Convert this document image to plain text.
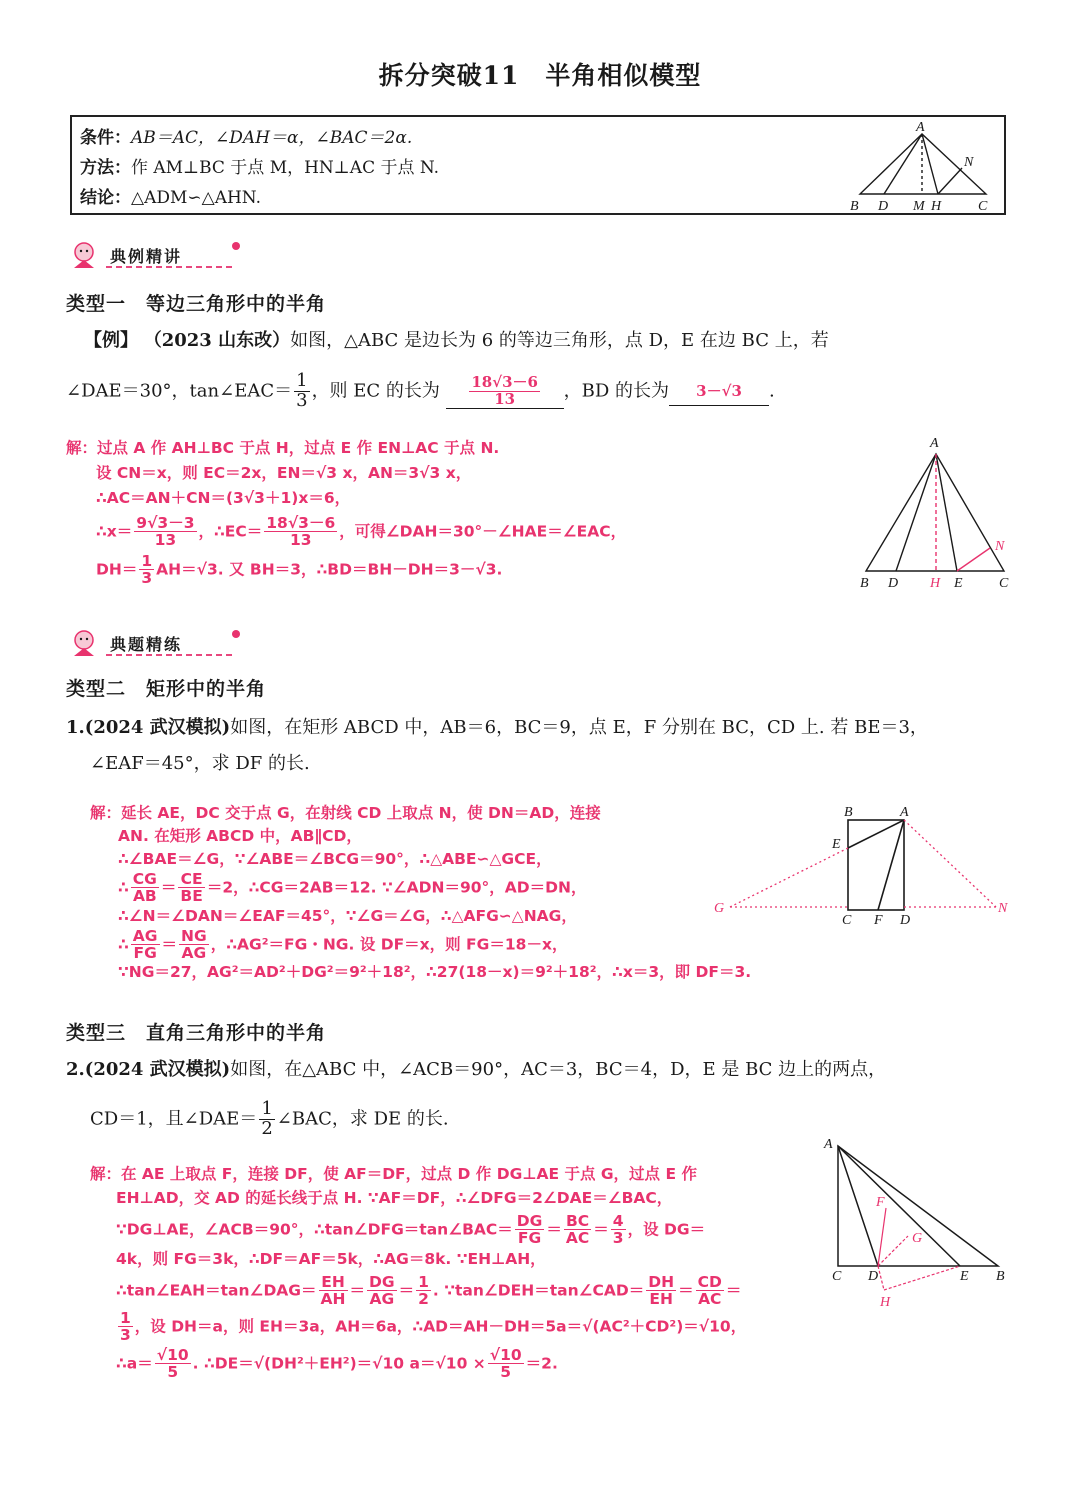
拆分突破11　半角相似模型
条件：AB＝AC，∠DAH＝α，∠BAC＝2α.
方法：作 AM⊥BC 于点 M，HN⊥AC 于点 N.
结论：△ADM∽△AHN.
A
N
B D M H	C
典例精讲
类型一　等边三角形中的半角
【例】 （2023 山东改）如图，△ABC 是边长为 6 的等边三角形，点 D，E 在边 BC 上，若
∠DAE＝30°，tan∠EAC＝ $\frac{1}{3}$ ，则 EC 的长为 $\frac{18√3-6}{13}$ ，BD 的长为 3－√3 .
解：过点 A 作 AH⊥BC 于点 H，过点 E 作 EN⊥AC 于点 N.
设 CN＝x，则 EC＝2x，EN＝√3 x，AN＝3√3 x，
∴AC＝AN＋CN＝(3√3＋1)x＝6，
∴x＝ $\frac{9√3-3}{13}$ ，∴EC＝ $\frac{18√3-6}{13}$ ，可得∠DAH＝30°－∠HAE＝∠EAC，
$DH= \frac{1}{3} AH=√3$. 又 BH＝3，∴BD＝BH－DH＝3－√3.
A
N
B D H E	C
典题精练
类型二　矩形中的半角
1.(2024 武汉模拟)如图，在矩形 ABCD 中，AB＝6，BC＝9，点 E，F 分别在 BC，CD 上. 若 BE＝3，
∠EAF＝45°，求 DF 的长.
解：延长 AE，DC 交于点 G，在射线 CD 上取点 N，使 DN＝AD，连接
AN. 在矩形 ABCD 中，AB∥CD，
∴∠BAE＝∠G，∵∠ABE＝∠BCG＝90°，∴△ABE∽△GCE，
∴ $\frac{CG}{AB} = \frac{CE}{BE} =2$，∴CG＝2AB＝12. ∵∠ADN＝90°，AD＝DN，
∴∠N＝∠DAN＝∠EAF＝45°，∵∠G＝∠G，∴△AFG∽△NAG，
∴ $\frac{AG}{FG} = \frac{NG}{AG}$ ，∴AG²＝FG・NG. 设 DF＝x，则 FG＝18－x，
∵NG＝27，AG²＝AD²＋DG²＝9²＋18²，∴27(18－x)＝9²＋18²，∴x＝3，即 DF＝3.
B	A
E
G
C F D
N
类型三　直角三角形中的半角
2.(2024 武汉模拟)如图，在△ABC 中，∠ACB＝90°，AC＝3，BC＝4，D，E 是 BC 边上的两点，
CD＝1，且∠DAE＝ $\frac{1}{2}$ ∠BAC，求 DE 的长.
解：在 AE 上取点 F，连接 DF，使 AF＝DF，过点 D 作 DG⊥AE 于点 G，过点 E 作
EH⊥AD，交 AD 的延长线于点 H. ∵AF＝DF，∴∠DFG＝2∠DAE＝∠BAC，
∵DG⊥AE，∠ACB＝90°，∴tan∠DFG＝tan∠BAC＝ $\frac{DG}{FG} = \frac{BC}{AC} = \frac{4}{3}$ ，设 DG＝
4k，则 FG＝3k，∴DF＝AF＝5k，∴AG＝8k. ∵EH⊥AH，
∴tan∠EAH＝tan∠DAG＝ $\frac{EH}{AH} = \frac{DG}{AG} = \frac{1}{2}$ . ∵tan∠DEH＝tan∠CAD＝ $\frac{DH}{EH} = \frac{CD}{AC}$ ＝
$\frac{1}{3}$ ，设 DH＝a，则 EH＝3a，AH＝6a，∴AD＝AH－DH＝5a＝√(AC²＋CD²)＝√10，
∴a＝ $\frac{√10}{5}$ . ∴DE＝√(DH²＋EH²)＝√10 $a=√10 \times \frac{√10}{5} =2$.
A
F
G
C D	E B
H
